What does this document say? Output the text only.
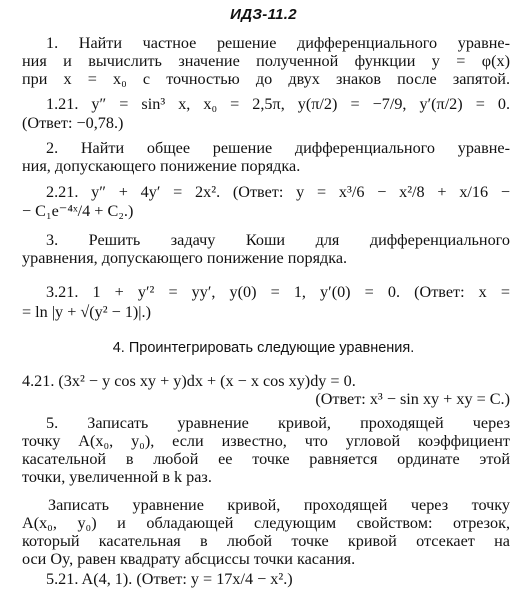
ИДЗ-11.2
1. Найти частное решение дифференциального уравне-
ния и вычислить значение полученной функции y = φ(x)
при x = x₀ с точностью до двух знаков после запятой.
1.21. y″ = sin³ x, x₀ = 2,5π, y(π/2) = −7/9, y′(π/2) = 0.
(Ответ: −0,78.)
2. Найти общее решение дифференциального уравне-
ния, допускающего понижение порядка.
2.21. y″ + 4y′ = 2x². (Ответ: y = x³/6 − x²/8 + x/16 −
− C₁e⁻⁴ˣ/4 + C₂.)
3. Решить задачу Коши для дифференциального
уравнения, допускающего понижение порядка.
3.21. 1 + y′² = yy′, y(0) = 1, y′(0) = 0. (Ответ: x =
= ln |y + √(y² − 1)|.)
4. Проинтегрировать следующие уравнения.
4.21. (3x² − y cos xy + y)dx + (x − x cos xy)dy = 0.
(Ответ: x³ − sin xy + xy = C.)
5. Записать уравнение кривой, проходящей через
точку A(x₀, y₀), если известно, что угловой коэффициент
касательной в любой ее точке равняется ординате этой
точки, увеличенной в k раз.
Записать уравнение кривой, проходящей через точку
A(x₀, y₀) и обладающей следующим свойством: отрезок,
который касательная в любой точке кривой отсекает на
оси Oy, равен квадрату абсциссы точки касания.
5.21. A(4, 1). (Ответ: y = 17x/4 − x².)
